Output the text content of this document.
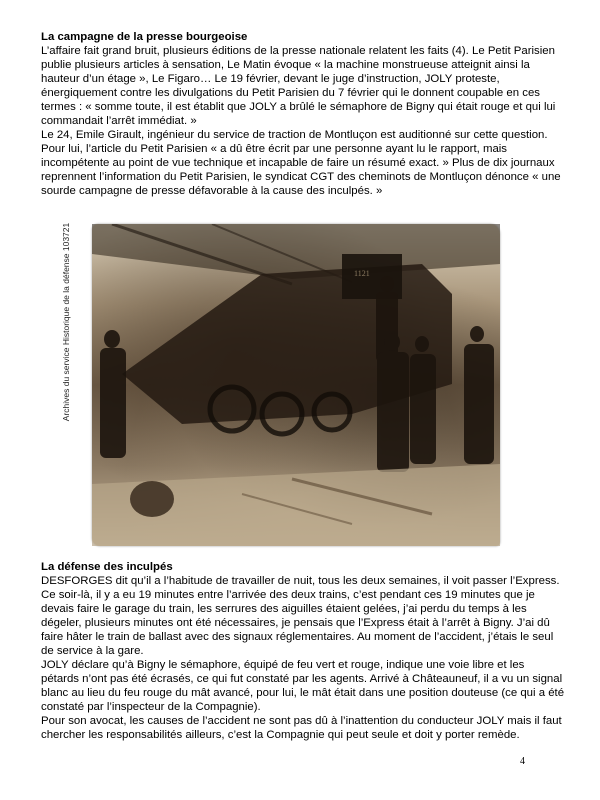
La campagne de la presse bourgeoise

L’affaire fait grand bruit, plusieurs éditions de la presse nationale relatent les faits (4). Le Petit Parisien publie plusieurs articles à sensation, Le Matin évoque « la machine monstrueuse atteignit ainsi la hauteur d’un étage », Le Figaro… Le 19 février, devant le juge d’instruction, JOLY proteste, énergiquement contre les divulgations du Petit Parisien du 7 février qui le donnent coupable en ces termes : « somme toute, il est établit que JOLY a brûlé le sémaphore de Bigny qui était rouge et qui lui commandait l’arrêt immédiat. »

Le 24, Emile Girault, ingénieur du service de traction de Montluçon est auditionné sur cette question.

Pour lui, l’article du Petit Parisien « a dû être écrit par une personne ayant lu le rapport, mais incompétente au point de vue technique et incapable de faire un résumé exact. » Plus de dix journaux reprennent l’information du Petit Parisien, le syndicat CGT des cheminots de Montluçon dénonce « une sourde campagne de presse défavorable à la cause des inculpés. »

Archives du service Historique de la défense 103721	1121

La défense des inculpés

DESFORGES dit qu’il a l’habitude de travailler de nuit, tous les deux semaines, il voit passer l’Express. Ce soir-là, il y a eu 19 minutes entre l’arrivée des deux trains, c’est pendant ces 19 minutes que je devais faire le garage du train, les serrures des aiguilles étaient gelées, j’ai perdu du temps à les dégeler, plusieurs minutes ont été nécessaires, je pensais que l’Express était à l’arrêt à Bigny. J’ai dû faire hâter le train de ballast avec des signaux réglementaires. Au moment de l’accident, j’étais le seul de service à la gare.

JOLY déclare qu’à Bigny le sémaphore, équipé de feu vert et rouge, indique une voie libre et les pétards n’ont pas été écrasés, ce qui fut constaté par les agents. Arrivé à Châteauneuf, il a vu un signal blanc au lieu du feu rouge du mât avancé, pour lui, le mât était dans une position douteuse (ce qui a été constaté par l’inspecteur de la Compagnie).

Pour son avocat, les causes de l’accident ne sont pas dû à l’inattention du conducteur JOLY mais il faut chercher les responsabilités ailleurs, c’est la Compagnie qui peut seule et doit y porter remède.

4
